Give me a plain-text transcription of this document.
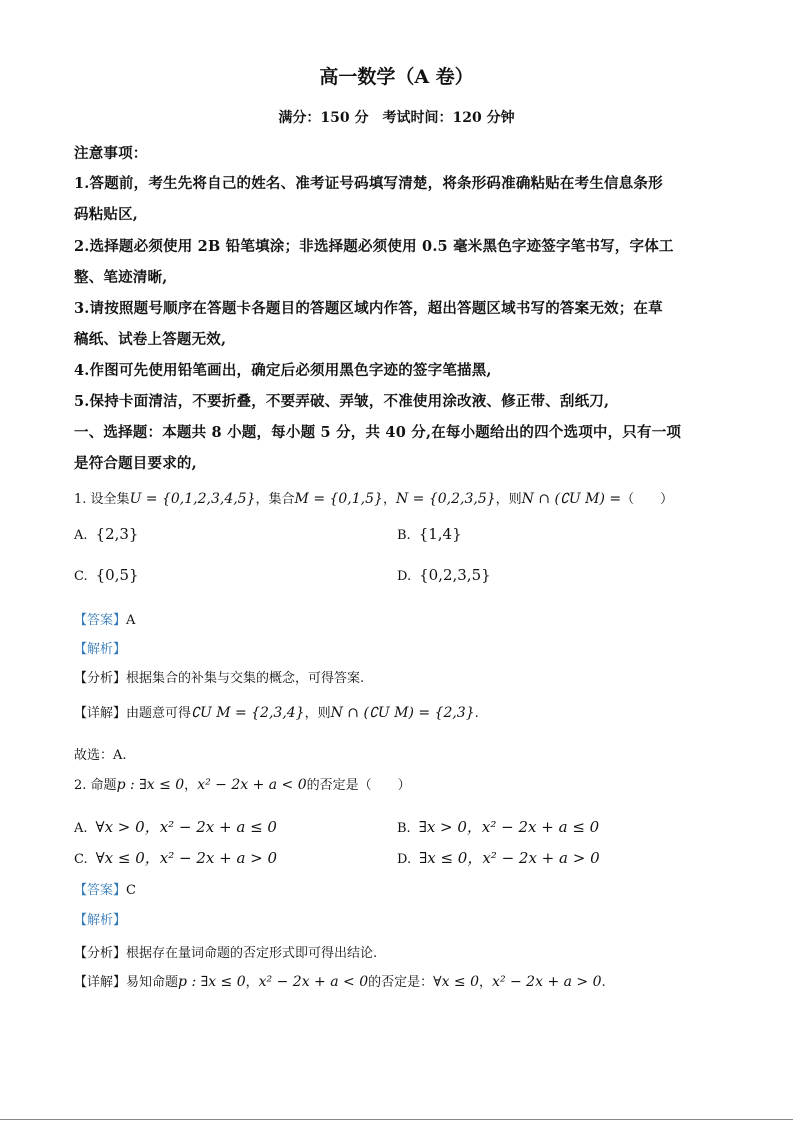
高一数学（A 卷）
满分：150 分　考试时间：120 分钟
注意事项：
1.答题前，考生先将自己的姓名、准考证号码填写清楚，将条形码准确粘贴在考生信息条形
码粘贴区,
2.选择题必须使用 2B 铅笔填涂；非选择题必须使用 0.5 毫米黑色字迹签字笔书写，字体工
整、笔迹清晰,
3.请按照题号顺序在答题卡各题目的答题区域内作答，超出答题区域书写的答案无效；在草
稿纸、试卷上答题无效,
4.作图可先使用铅笔画出，确定后必须用黑色字迹的签字笔描黑,
5.保持卡面清洁，不要折叠，不要弄破、弄皱，不准使用涂改液、修正带、刮纸刀,
一、选择题：本题共 8 小题，每小题 5 分，共 40 分,在每小题给出的四个选项中，只有一项
是符合题目要求的,
1. 设全集U = {0,1,2,3,4,5}，集合M = {0,1,5}，N = {0,2,3,5}，则N ∩ (∁U M) =（　　）
A. {2,3}	B. {1,4}
C. {0,5}	D. {0,2,3,5}
【答案】A
【解析】
【分析】根据集合的补集与交集的概念，可得答案.
【详解】由题意可得∁U M = {2,3,4}，则N ∩ (∁U M) = {2,3}.
故选：A.
2. 命题p : ∃x ≤ 0，x² − 2x + a < 0的否定是（　　）
A. ∀x > 0，x² − 2x + a ≤ 0	B. ∃x > 0，x² − 2x + a ≤ 0
C. ∀x ≤ 0，x² − 2x + a > 0	D. ∃x ≤ 0，x² − 2x + a > 0
【答案】C
【解析】
【分析】根据存在量词命题的否定形式即可得出结论.
【详解】易知命题p : ∃x ≤ 0，x² − 2x + a < 0的否定是：∀x ≤ 0，x² − 2x + a > 0.
